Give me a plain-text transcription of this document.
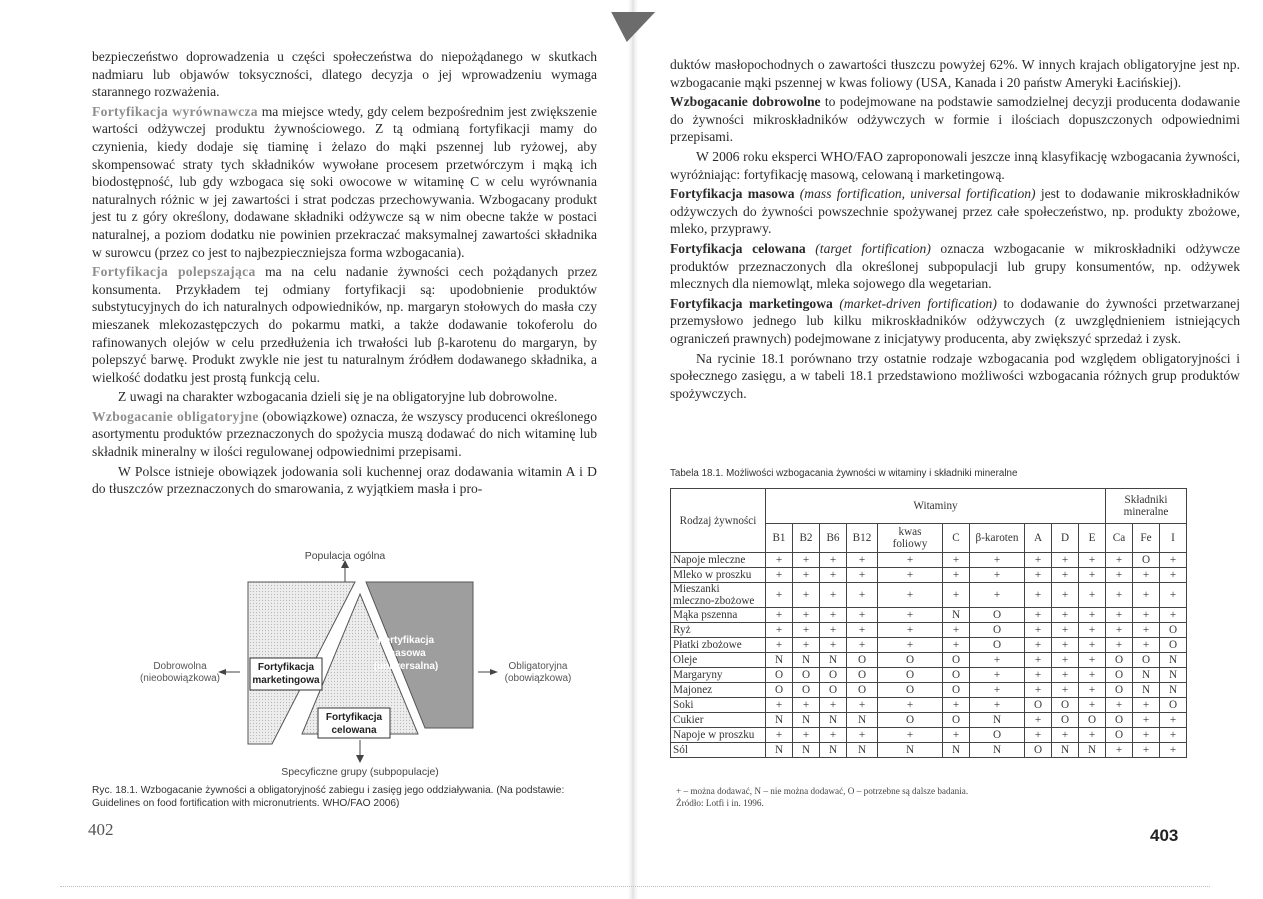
bezpieczeństwo doprowadzenia u części społeczeństwa do niepożądanego w skutkach nadmiaru lub objawów toksyczności, dlatego decyzja o jej wprowadzeniu wymaga starannego rozważenia.

Fortyfikacja wyrównawcza ma miejsce wtedy, gdy celem bezpośrednim jest zwiększenie wartości odżywczej produktu żywnościowego. Z tą odmianą fortyfikacji mamy do czynienia, kiedy dodaje się tiaminę i żelazo do mąki pszennej lub ryżowej, aby skompensować straty tych składników wywołane procesem przetwórczym i mąką ich biodostępność, lub gdy wzbogaca się soki owocowe w witaminę C w celu wyrównania naturalnych różnic w jej zawartości i strat podczas przechowywania. Wzbogacany produkt jest tu z góry określony, dodawane składniki odżywcze są w nim obecne także w postaci naturalnej, a poziom dodatku nie powinien przekraczać maksymalnej zawartości składnika w surowcu (przez co jest to najbezpieczniejsza forma wzbogacania).

Fortyfikacja polepszająca ma na celu nadanie żywności cech pożądanych przez konsumenta. Przykładem tej odmiany fortyfikacji są: upodobnienie produktów substytucyjnych do ich naturalnych odpowiedników, np. margaryn stołowych do masła czy mieszanek mlekozastępczych do pokarmu matki, a także dodawanie tokoferolu do rafinowanych olejów w celu przedłużenia ich trwałości lub β-karotenu do margaryn, by polepszyć barwę. Produkt zwykle nie jest tu naturalnym źródłem dodawanego składnika, a wielkość dodatku jest prostą funkcją celu.

Z uwagi na charakter wzbogacania dzieli się je na obligatoryjne lub dobrowolne.

Wzbogacanie obligatoryjne (obowiązkowe) oznacza, że wszyscy producenci określonego asortymentu produktów przeznaczonych do spożycia muszą dodawać do nich witaminę lub składnik mineralny w ilości regulowanej odpowiednimi przepisami.

W Polsce istnieje obowiązek jodowania soli kuchennej oraz dodawania witamin A i D do tłuszczów przeznaczonych do smarowania, z wyjątkiem masła i pro-

Populacja ogólna
Fortyfikacja
marketingowa
Fortyfikacja
masowa
(uniwersalna)
Fortyfikacja
celowana
Dobrowolna
(nieobowiązkowa)
Obligatoryjna
(obowiązkowa)
Specyficzne grupy (subpopulacje)
Ryc. 18.1. Wzbogacanie żywności a obligatoryjność zabiegu i zasięg jego oddziaływania. (Na podstawie: Guidelines on food fortification with micronutrients. WHO/FAO 2006)
402

duktów masłopochodnych o zawartości tłuszczu powyżej 62%. W innych krajach obligatoryjne jest np. wzbogacanie mąki pszennej w kwas foliowy (USA, Kanada i 20 państw Ameryki Łacińskiej).

Wzbogacanie dobrowolne to podejmowane na podstawie samodzielnej decyzji producenta dodawanie do żywności mikroskładników odżywczych w formie i ilościach dopuszczonych odpowiednimi przepisami.

W 2006 roku eksperci WHO/FAO zaproponowali jeszcze inną klasyfikację wzbogacania żywności, wyróżniając: fortyfikację masową, celowaną i marketingową.

Fortyfikacja masowa (mass fortification, universal fortification) jest to dodawanie mikroskładników odżywczych do żywności powszechnie spożywanej przez całe społeczeństwo, np. produkty zbożowe, mleko, przyprawy.

Fortyfikacja celowana (target fortification) oznacza wzbogacanie w mikroskładniki odżywcze produktów przeznaczonych dla określonej subpopulacji lub grupy konsumentów, np. odżywek mlecznych dla niemowląt, mleka sojowego dla wegetarian.

Fortyfikacja marketingowa (market-driven fortification) to dodawanie do żywności przetwarzanej przemysłowo jednego lub kilku mikroskładników odżywczych (z uwzględnieniem istniejących ograniczeń prawnych) podejmowane z inicjatywy producenta, aby zwiększyć sprzedaż i zysk.

Na rycinie 18.1 porównano trzy ostatnie rodzaje wzbogacania pod względem obligatoryjności i społecznego zasięgu, a w tabeli 18.1 przedstawiono możliwości wzbogacania różnych grup produktów spożywczych.

Tabela 18.1. Możliwości wzbogacania żywności w witaminy i składniki mineralne
Rodzaj żywności	Witaminy										Składniki mineralne		
	B1	B2	B6	B12	kwas foliowy	C	β-karoten	A	D	E	Ca	Fe	I
Napoje mleczne	+	+	+	+	+	+	+	+	+	+	+	O	+
Mleko w proszku	+	+	+	+	+	+	+	+	+	+	+	+	+
Mieszanki mleczno-zbożowe	+	+	+	+	+	+	+	+	+	+	+	+	+
Mąka pszenna	+	+	+	+	+	N	O	+	+	+	+	+	+
Ryż	+	+	+	+	+	+	O	+	+	+	+	+	O
Płatki zbożowe	+	+	+	+	+	+	O	+	+	+	+	+	O
Oleje	N	N	N	O	O	O	+	+	+	+	O	O	N
Margaryny	O	O	O	O	O	O	+	+	+	+	O	N	N
Majonez	O	O	O	O	O	O	+	+	+	+	O	N	N
Soki	+	+	+	+	+	+	+	O	O	+	+	+	O
Cukier	N	N	N	N	O	O	N	+	O	O	O	+	+
Napoje w proszku	+	+	+	+	+	+	O	+	+	+	O	+	+
Sól	N	N	N	N	N	N	N	O	N	N	+	+	+
+ – można dodawać, N – nie można dodawać, O – potrzebne są dalsze badania.
Źródło: Lotfi i in. 1996.
403
